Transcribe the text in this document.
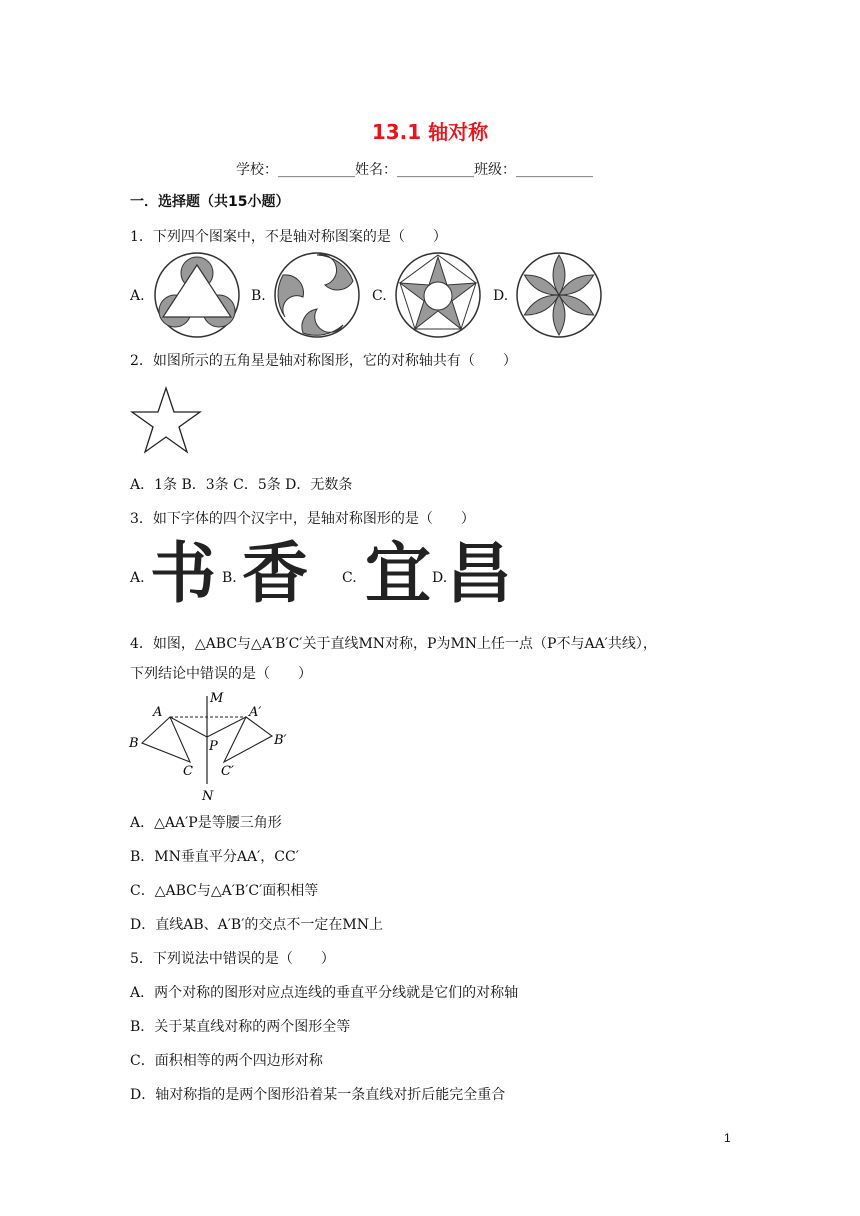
13.1 轴对称
学校：___________姓名：___________班级：___________
一．选择题（共15小题）
1．下列四个图案中，不是轴对称图案的是（　　）
A.	B.	C.	D.
2．如图所示的五角星是轴对称图形，它的对称轴共有（　　）
A．1条 B．3条 C．5条 D．无数条
3．如下字体的四个汉字中，是轴对称图形的是（　　）
A. 书 B. 香 C. 宜 D.
昌
4．如图，△ABC与△A′B′C′关于直线MN对称，P为MN上任一点（P不与AA′共线），
下列结论中错误的是（　　）
M
N
A	A′
B	B′
C C′
P
A．△AA′P是等腰三角形
B．MN垂直平分AA′，CC′
C．△ABC与△A′B′C′面积相等
D．直线AB、A′B′的交点不一定在MN上
5．下列说法中错误的是（　　）
A．两个对称的图形对应点连线的垂直平分线就是它们的对称轴
B．关于某直线对称的两个图形全等
C．面积相等的两个四边形对称
D．轴对称指的是两个图形沿着某一条直线对折后能完全重合
1
